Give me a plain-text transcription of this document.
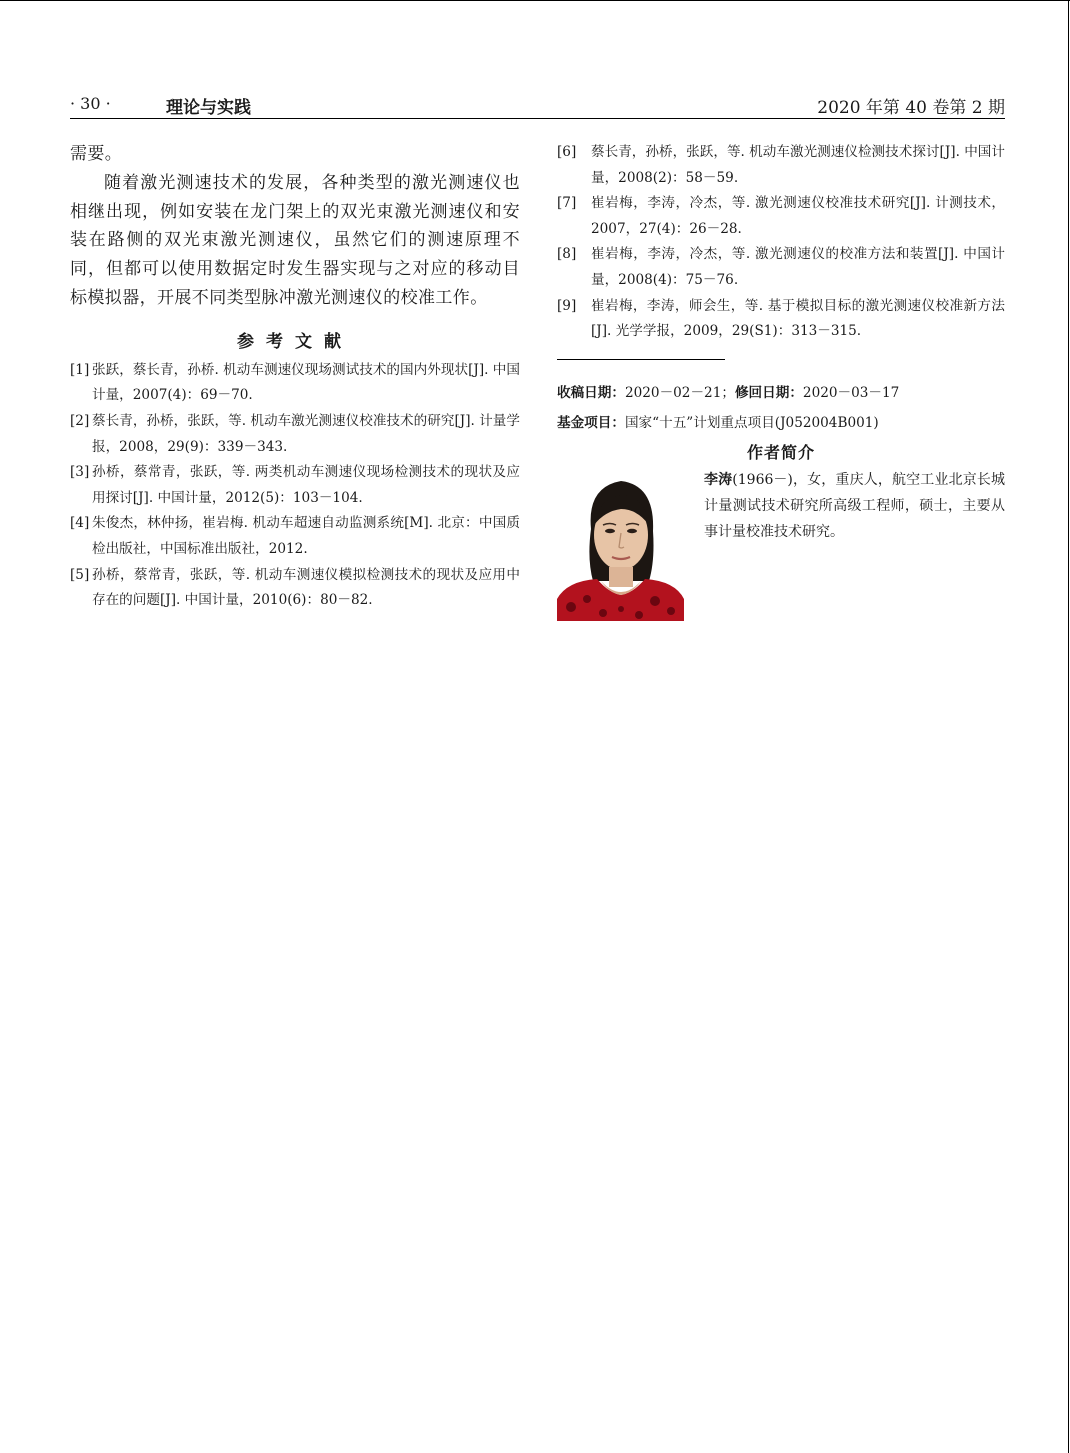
· 30 ·	理论与实践	2020 年第 40 卷第 2 期

需要。

随着激光测速技术的发展，各种类型的激光测速仪也相继出现，例如安装在龙门架上的双光束激光测速仪和安装在路侧的双光束激光测速仪，虽然它们的测速原理不同，但都可以使用数据定时发生器实现与之对应的移动目标模拟器，开展不同类型脉冲激光测速仪的校准工作。

参考文献
[1] 张跃，蔡长青，孙桥. 机动车测速仪现场测试技术的国内外现状[J]. 中国计量，2007(4)：69－70.
[2] 蔡长青，孙桥，张跃，等. 机动车激光测速仪校准技术的研究[J]. 计量学报，2008，29(9)：339－343.
[3] 孙桥，蔡常青，张跃，等. 两类机动车测速仪现场检测技术的现状及应用探讨[J]. 中国计量，2012(5)：103－104.
[4] 朱俊杰，林仲扬，崔岩梅. 机动车超速自动监测系统[M]. 北京：中国质检出版社，中国标准出版社，2012.
[5] 孙桥，蔡常青，张跃，等. 机动车测速仪模拟检测技术的现状及应用中存在的问题[J]. 中国计量，2010(6)：80－82.
[6] 蔡长青，孙桥，张跃，等. 机动车激光测速仪检测技术探讨[J]. 中国计量，2008(2)：58－59.
[7] 崔岩梅，李涛，冷杰，等. 激光测速仪校准技术研究[J]. 计测技术，2007，27(4)：26－28.
[8] 崔岩梅，李涛，冷杰，等. 激光测速仪的校准方法和装置[J]. 中国计量，2008(4)：75－76.
[9] 崔岩梅，李涛，师会生，等. 基于模拟目标的激光测速仪校准新方法[J]. 光学学报，2009，29(S1)：313－315.
收稿日期：2020－02－21；修回日期：2020－03－17
基金项目：国家“十五”计划重点项目(J052004B001)
作者简介
李涛(1966－)，女，重庆人，航空工业北京长城计量测试技术研究所高级工程师，硕士，主要从事计量校准技术研究。
